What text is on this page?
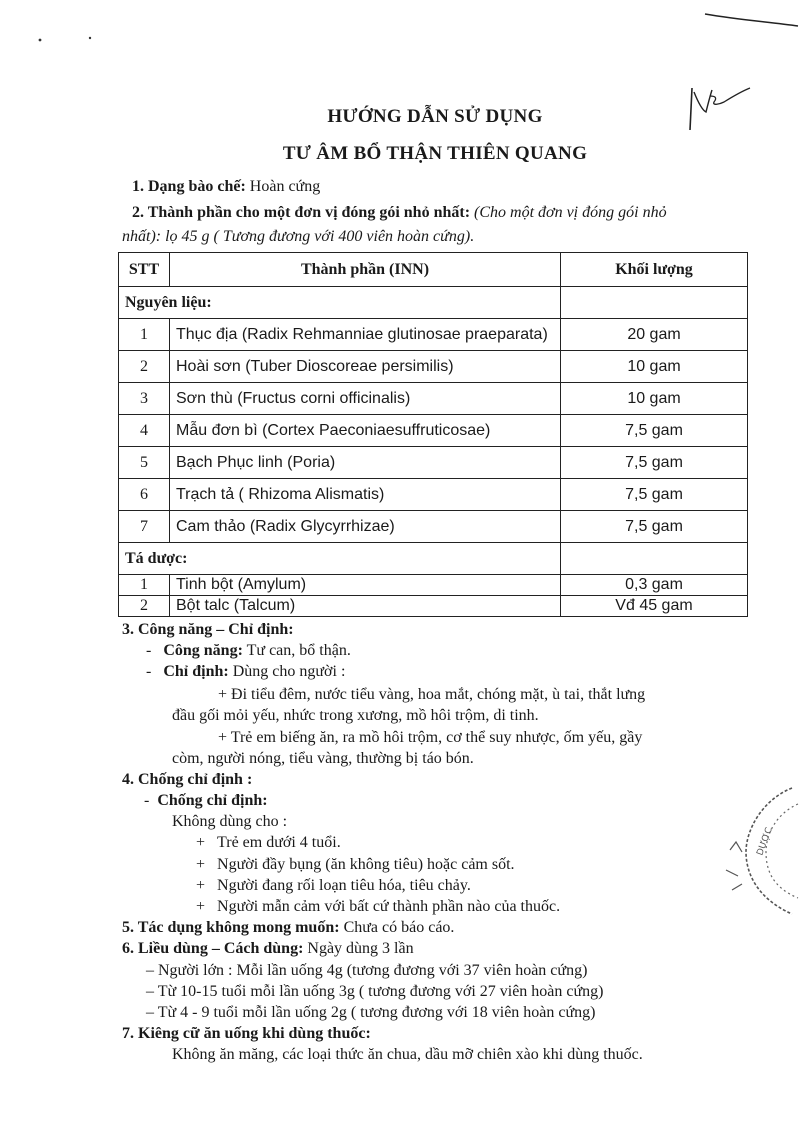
DƯỢC
HƯỚNG DẪN SỬ DỤNG
TƯ ÂM BỔ THẬN THIÊN QUANG
1. Dạng bào chế: Hoàn cứng
2. Thành phần cho một đơn vị đóng gói nhỏ nhất: (Cho một đơn vị đóng gói nhỏ
nhất): lọ 45 g ( Tương đương với 400 viên hoàn cứng).
STT	Thành phần (INN)	Khối lượng
Nguyên liệu:		
1	Thục địa (Radix Rehmanniae glutinosae praeparata)	20 gam
2	Hoài sơn (Tuber Dioscoreae persimilis)	10 gam
3	Sơn thù (Fructus corni officinalis)	10 gam
4	Mẫu đơn bì (Cortex Paeconiaesuffruticosae)	7,5 gam
5	Bạch Phục linh (Poria)	7,5 gam
6	Trạch tả ( Rhizoma Alismatis)	7,5 gam
7	Cam thảo (Radix Glycyrrhizae)	7,5 gam
Tá dược:		
1	Tinh bột (Amylum)	0,3 gam
2	Bột talc (Talcum)	Vđ 45 gam
3. Công năng – Chỉ định:
- Công năng: Tư can, bổ thận.
- Chỉ định: Dùng cho người :
+ Đi tiểu đêm, nước tiểu vàng, hoa mắt, chóng mặt, ù tai, thắt lưng
đầu gối mỏi yếu, nhức trong xương, mồ hôi trộm, di tinh.
+ Trẻ em biếng ăn, ra mồ hôi trộm, cơ thể suy nhược, ốm yếu, gầy
còm, người nóng, tiểu vàng, thường bị táo bón.
4. Chống chỉ định :
- Chống chỉ định:
Không dùng cho :
+ Trẻ em dưới 4 tuổi.
+ Người đầy bụng (ăn không tiêu) hoặc cảm sốt.
+ Người đang rối loạn tiêu hóa, tiêu chảy.
+ Người mẫn cảm với bất cứ thành phần nào của thuốc.
5. Tác dụng không mong muốn: Chưa có báo cáo.
6. Liều dùng – Cách dùng: Ngày dùng 3 lần
– Người lớn : Mỗi lần uống 4g (tương đương với 37 viên hoàn cứng)
– Từ 10-15 tuổi mỗi lần uống 3g ( tương đương với 27 viên hoàn cứng)
– Từ 4 - 9 tuổi mỗi lần uống 2g ( tương đương với 18 viên hoàn cứng)
7. Kiêng cữ ăn uống khi dùng thuốc:
Không ăn măng, các loại thức ăn chua, dầu mỡ chiên xào khi dùng thuốc.
